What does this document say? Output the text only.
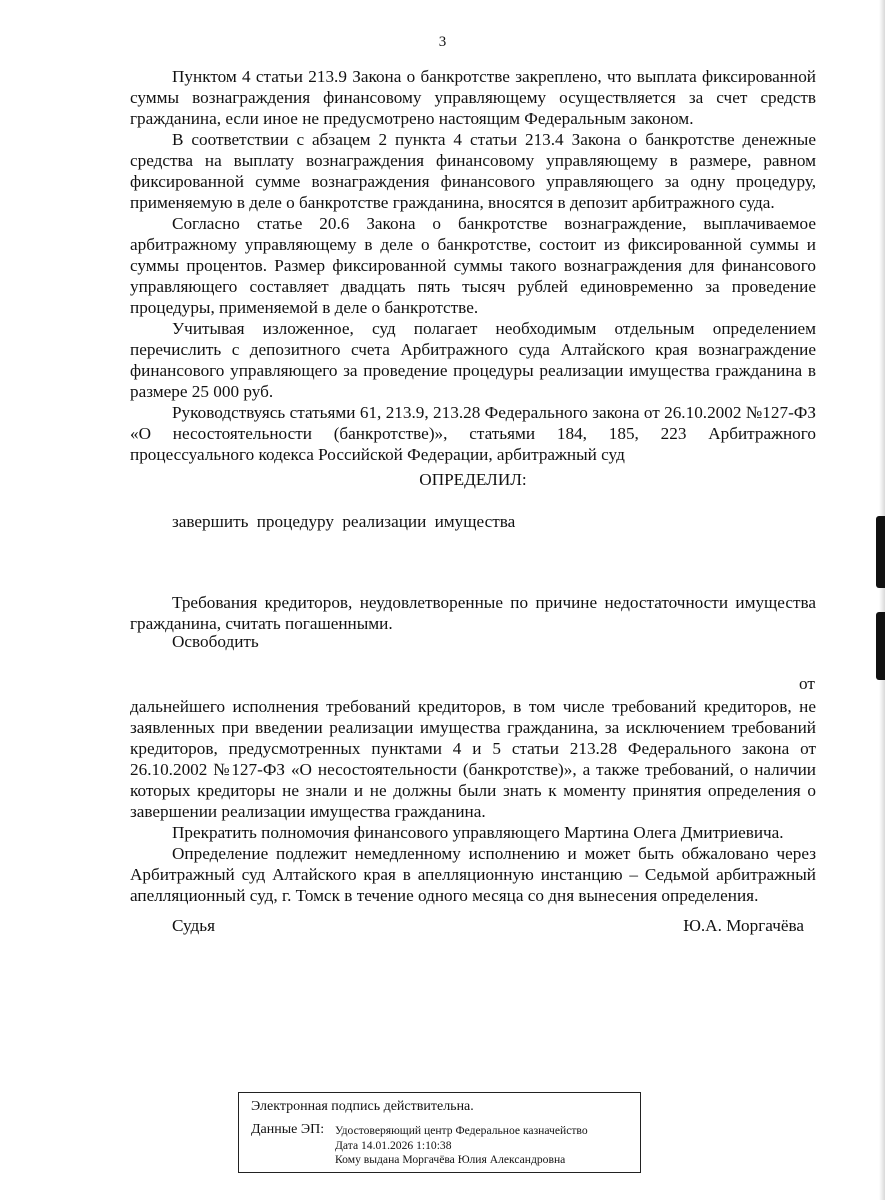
3

Пунктом 4 статьи 213.9 Закона о банкротстве закреплено, что выплата фиксированной суммы вознаграждения финансовому управляющему осуществляется за счет средств гражданина, если иное не предусмотрено настоящим Федеральным законом.

В соответствии с абзацем 2 пункта 4 статьи 213.4 Закона о банкротстве денежные средства на выплату вознаграждения финансовому управляющему в размере, равном фиксированной сумме вознаграждения финансового управляющего за одну процедуру, применяемую в деле о банкротстве гражданина, вносятся в депозит арбитражного суда.

Согласно статье 20.6 Закона о банкротстве вознаграждение, выплачиваемое арбитражному управляющему в деле о банкротстве, состоит из фиксированной суммы и суммы процентов. Размер фиксированной суммы такого вознаграждения для финансового управляющего составляет двадцать пять тысяч рублей единовременно за проведение процедуры, применяемой в деле о банкротстве.

Учитывая изложенное, суд полагает необходимым отдельным определением перечислить с депозитного счета Арбитражного суда Алтайского края вознаграждение финансового управляющего за проведение процедуры реализации имущества гражданина в размере 25 000 руб.

Руководствуясь статьями 61, 213.9, 213.28 Федерального закона от 26.10.2002 №127-ФЗ «О несостоятельности (банкротстве)», статьями 184, 185, 223 Арбитражного процессуального кодекса Российской Федерации, арбитражный суд

ОПРЕДЕЛИЛ:
завершить процедуру реализации имущества

Требования кредиторов, неудовлетворенные по причине недостаточности имущества гражданина, считать погашенными.

Освободить
от

дальнейшего исполнения требований кредиторов, в том числе требований кредиторов, не заявленных при введении реализации имущества гражданина, за исключением требований кредиторов, предусмотренных пунктами 4 и 5 статьи 213.28 Федерального закона от 26.10.2002 №127-ФЗ «О несостоятельности (банкротстве)», а также требований, о наличии которых кредиторы не знали и не должны были знать к моменту принятия определения о завершении реализации имущества гражданина.

Прекратить полномочия финансового управляющего Мартина Олега Дмитриевича.

Определение подлежит немедленному исполнению и может быть обжаловано через Арбитражный суд Алтайского края в апелляционную инстанцию – Седьмой арбитражный апелляционный суд, г. Томск в течение одного месяца со дня вынесения определения.

Судья	Ю.А. Моргачёва
Электронная подпись действительна.
Данные ЭП: Удостоверяющий центр Федеральное казначейство
Дата 14.01.2026 1:10:38
Кому выдана Моргачёва Юлия Александровна
